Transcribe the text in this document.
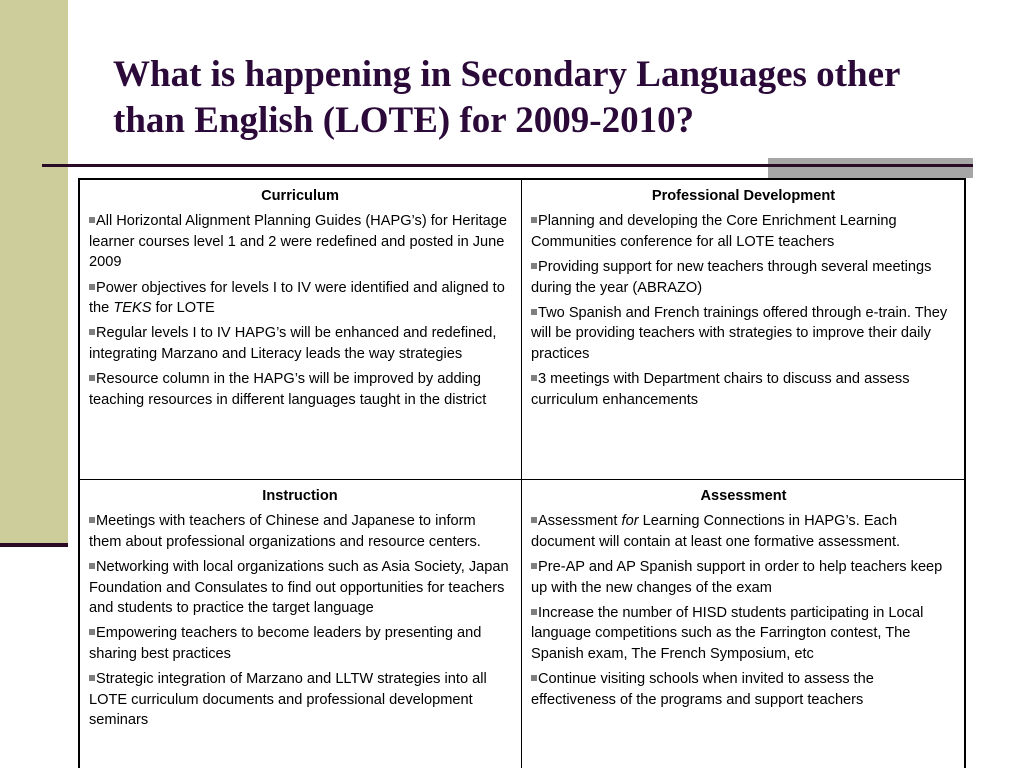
What is happening in Secondary Languages other
than English (LOTE) for 2009-2010?
Curriculum
All Horizontal Alignment Planning Guides (HAPG’s) for Heritage learner courses level 1 and 2 were redefined and posted in June 2009
Power objectives for levels I to IV were identified and aligned to the TEKS for LOTE
Regular levels I to IV HAPG’s will be enhanced and redefined, integrating Marzano and Literacy leads the way strategies
Resource column in the HAPG’s will be improved by adding teaching resources in different languages taught in the district
Professional Development
Planning and developing the Core Enrichment Learning Communities conference for all LOTE teachers
Providing support for new teachers through several meetings during the year (ABRAZO)
Two Spanish and French trainings offered through e-train. They will be providing teachers with strategies to improve their daily practices
3 meetings with Department chairs to discuss and assess curriculum enhancements
Instruction
Meetings with teachers of Chinese and Japanese to inform them about professional organizations and resource centers.
Networking with local organizations such as Asia Society, Japan Foundation and Consulates to find out opportunities for teachers and students to practice the target language
Empowering teachers to become leaders by presenting and sharing best practices
Strategic integration of Marzano and LLTW strategies into all LOTE curriculum documents and professional development seminars
Assessment
Assessment for Learning Connections in HAPG’s. Each document will contain at least one formative assessment.
Pre-AP and AP Spanish support in order to help teachers keep up with the new changes of the exam
Increase the number of HISD students participating in Local language competitions such as the Farrington contest, The Spanish exam, The French Symposium, etc
Continue visiting schools when invited to assess the effectiveness of the programs and support teachers
